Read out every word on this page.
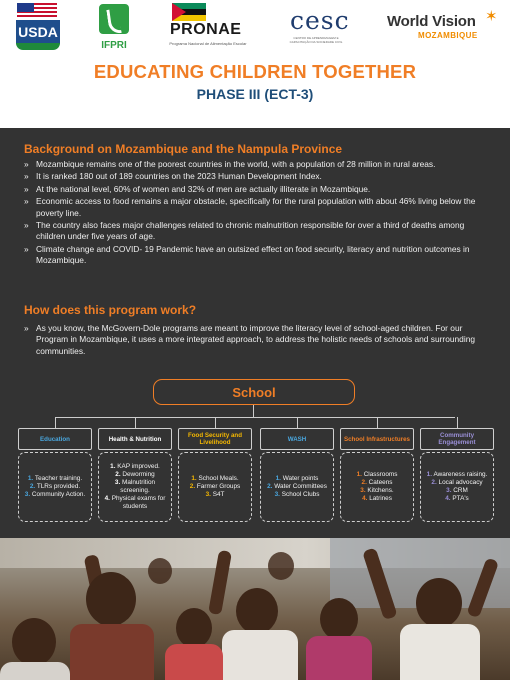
USDA
IFPRI
PRONAE
Programa Nacional de Alimentação Escolar
cesc
CENTRO DE APRENDIZAGEM E CAPACITAÇÃO DA SOCIEDADE CIVIL
World Vision ✶
MOZAMBIQUE
EDUCATING CHILDREN TOGETHER
PHASE III (ECT-3)
Background on Mozambique and the Nampula Province
» Mozambique remains one of the poorest countries in the world, with a population of 28 million in rural areas.
» It is ranked 180 out of 189 countries on the 2023 Human Development Index.
» At the national level, 60% of women and 32% of men are actually illiterate in Mozambique.
» Economic access to food remains a major obstacle, specifically for the rural population with about 46% living below the poverty line.
» The country also faces major challenges related to chronic malnutrition responsible for over a third of deaths among children under five years of age.
» Climate change and COVID- 19 Pandemic have an outsized effect on food security, literacy and nutrition outcomes in Mozambique.
How does this program work?
» As you know, the McGovern-Dole programs are meant to improve the literacy level of school-aged children. For our Program in Mozambique, it uses a more integrated approach, to address the holistic needs of schools and surrounding communities.
School
Education
1. Teacher training.
2. TLRs provided.
3. Community Action.
Health & Nutrition
1. KAP improved.
2. Deworming
3. Malnutrition screening.
4. Physical exams for students
Food Security and Livelihood
1. School Meals.
2. Farmer Groups
3. S4T
WASH
1. Water points
2. Water Committees
3. School Clubs
School Infrastructures
1. Classrooms
2. Cateens
3. Kitchens.
4. Latrines
Community Engagement
1. Awareness raising.
2. Local advocacy
3. CRM
4. PTA's
